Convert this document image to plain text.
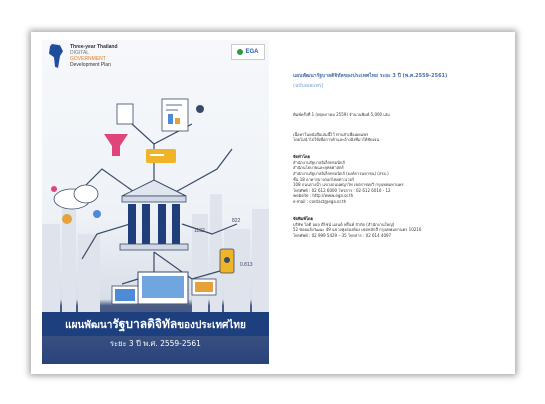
Three-year Thailand
DIGITAL
GOVERNMENT
Development Plan
EGA
1132
822
0.813
แผนพัฒนารัฐบาลดิจิทัลของประเทศไทย
ระยะ 3 ปี พ.ศ. 2559-2561
แผนพัฒนารัฐบาลดิจิทัลของประเทศไทย ระยะ 3 ปี (พ.ศ.2559-2561)
(ฉบับเผยแพร่)
พิมพ์ครั้งที่ 1 (พฤษภาคม 2559) จำนวนพิมพ์ 5,000 เล่ม
เนื้อหาในหนังสือเล่มนี้ไว้ ท่านจำเพื่อเผยแพร่
โดยไม่นำไปใช้เพื่อการค้าและอ้างอิงที่มาให้ชัดเจน
จัดทำโดย
สำนักงานรัฐบาลอิเล็กทรอนิกส์
สำนักนโยบายและยุทธศาสตร์
สำนักงานรัฐบาลอิเล็กทรอนิกส์ (องค์การมหาชน) (สรอ.)
ชั้น 18 อาคารบางกอกไทยทาวเวอร์
108 ถนนรางน้ำ แขวงถนนพญาไท เขตราชเทวี กรุงเทพมหานคร
โทรศัพท์ : 02 612 6000 โทรสาร : 02 612 6010 - 12
website : http://www.ega.or.th
e-mail : contact@ega.or.th
จัดพิมพ์โดย
บริษัท ไอดี ออล ดีไซน์ แอนด์ พริ้นท์ จำกัด (สำนักงานใหญ่)
52 ซอยแจ้งวัฒนะ 49 แขวงทุ่งสองห้อง เขตหลักสี่ กรุงเทพมหานคร 10210
โทรศัพท์ : 02 999 5429 – 35 โทรสาร : 02 614 4097
